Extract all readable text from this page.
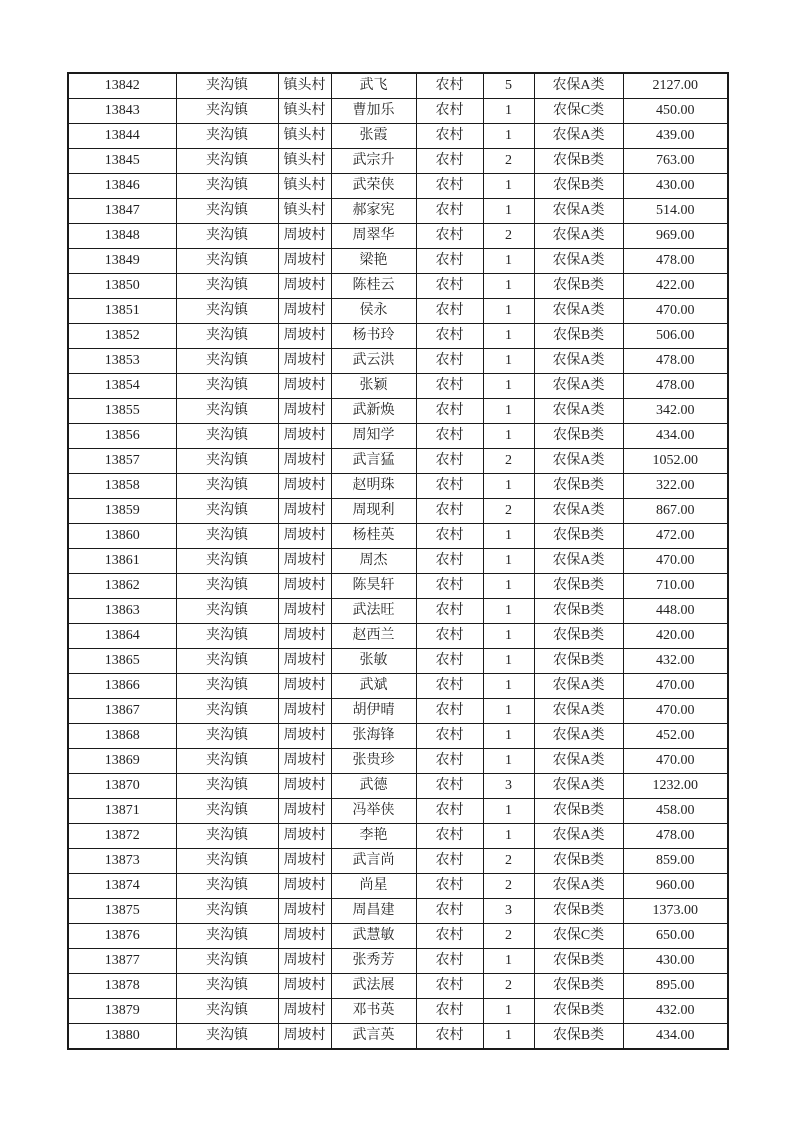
13842	夹沟镇	镇头村	武飞	农村	5	农保A类	2127.00
13843	夹沟镇	镇头村	曹加乐	农村	1	农保C类	450.00
13844	夹沟镇	镇头村	张霞	农村	1	农保A类	439.00
13845	夹沟镇	镇头村	武宗升	农村	2	农保B类	763.00
13846	夹沟镇	镇头村	武荣侠	农村	1	农保B类	430.00
13847	夹沟镇	镇头村	郝家宪	农村	1	农保A类	514.00
13848	夹沟镇	周坡村	周翠华	农村	2	农保A类	969.00
13849	夹沟镇	周坡村	梁艳	农村	1	农保A类	478.00
13850	夹沟镇	周坡村	陈桂云	农村	1	农保B类	422.00
13851	夹沟镇	周坡村	侯永	农村	1	农保A类	470.00
13852	夹沟镇	周坡村	杨书玲	农村	1	农保B类	506.00
13853	夹沟镇	周坡村	武云洪	农村	1	农保A类	478.00
13854	夹沟镇	周坡村	张颖	农村	1	农保A类	478.00
13855	夹沟镇	周坡村	武新焕	农村	1	农保A类	342.00
13856	夹沟镇	周坡村	周知学	农村	1	农保B类	434.00
13857	夹沟镇	周坡村	武言猛	农村	2	农保A类	1052.00
13858	夹沟镇	周坡村	赵明珠	农村	1	农保B类	322.00
13859	夹沟镇	周坡村	周现利	农村	2	农保A类	867.00
13860	夹沟镇	周坡村	杨桂英	农村	1	农保B类	472.00
13861	夹沟镇	周坡村	周杰	农村	1	农保A类	470.00
13862	夹沟镇	周坡村	陈昊轩	农村	1	农保B类	710.00
13863	夹沟镇	周坡村	武法旺	农村	1	农保B类	448.00
13864	夹沟镇	周坡村	赵西兰	农村	1	农保B类	420.00
13865	夹沟镇	周坡村	张敏	农村	1	农保B类	432.00
13866	夹沟镇	周坡村	武斌	农村	1	农保A类	470.00
13867	夹沟镇	周坡村	胡伊晴	农村	1	农保A类	470.00
13868	夹沟镇	周坡村	张海锋	农村	1	农保A类	452.00
13869	夹沟镇	周坡村	张贵珍	农村	1	农保A类	470.00
13870	夹沟镇	周坡村	武德	农村	3	农保A类	1232.00
13871	夹沟镇	周坡村	冯举侠	农村	1	农保B类	458.00
13872	夹沟镇	周坡村	李艳	农村	1	农保A类	478.00
13873	夹沟镇	周坡村	武言尚	农村	2	农保B类	859.00
13874	夹沟镇	周坡村	尚星	农村	2	农保A类	960.00
13875	夹沟镇	周坡村	周昌建	农村	3	农保B类	1373.00
13876	夹沟镇	周坡村	武慧敏	农村	2	农保C类	650.00
13877	夹沟镇	周坡村	张秀芳	农村	1	农保B类	430.00
13878	夹沟镇	周坡村	武法展	农村	2	农保B类	895.00
13879	夹沟镇	周坡村	邓书英	农村	1	农保B类	432.00
13880	夹沟镇	周坡村	武言英	农村	1	农保B类	434.00
